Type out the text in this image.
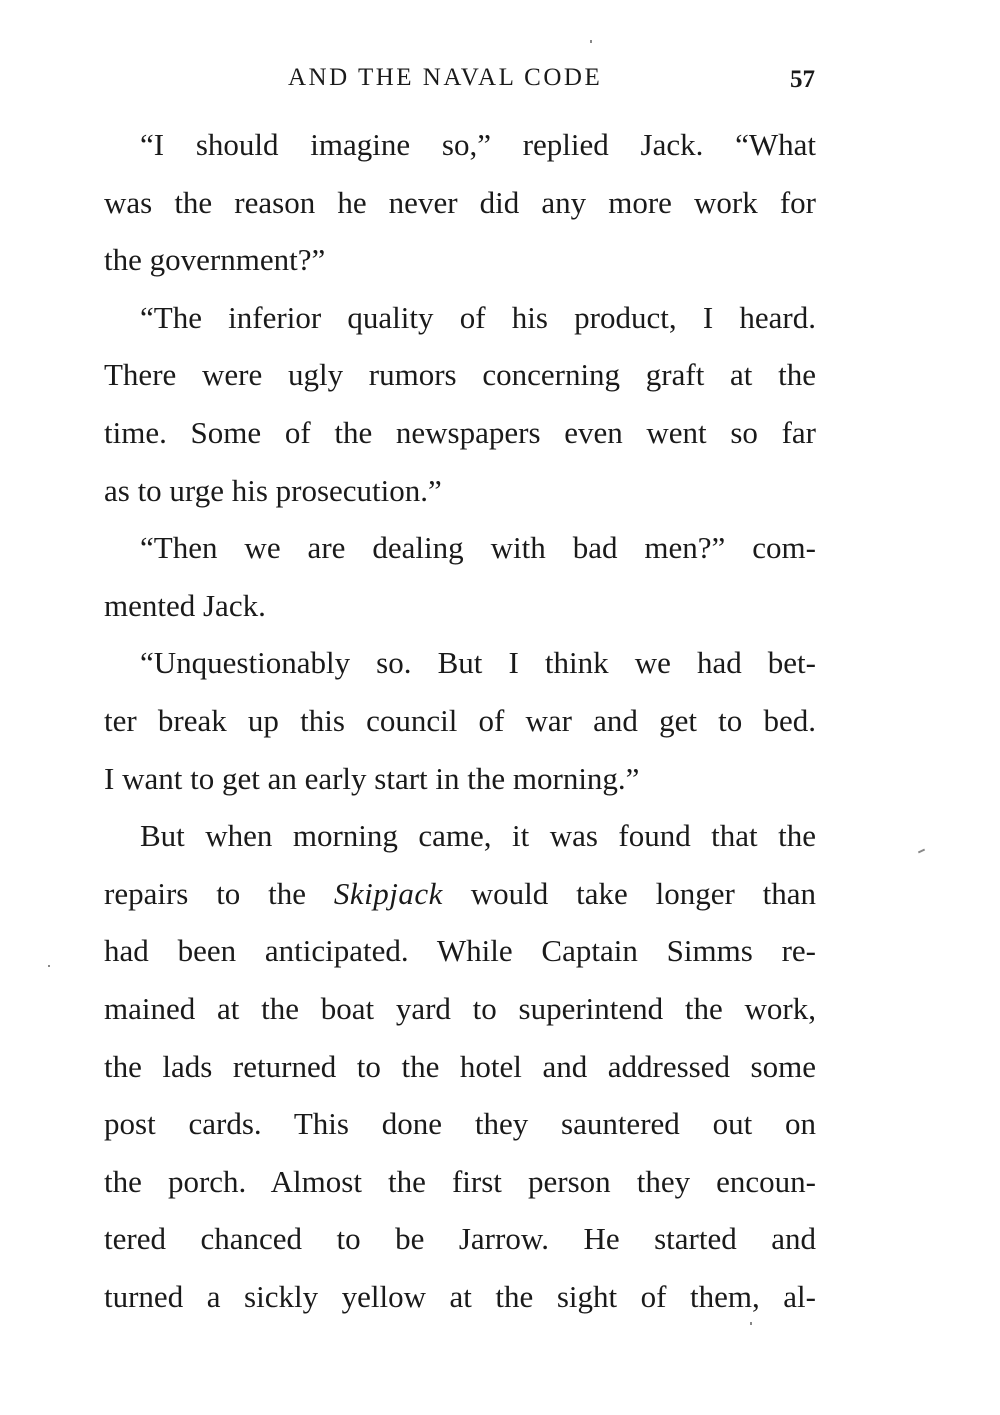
AND THE NAVAL CODE	57
“I should imagine so,” replied Jack. “What
was the reason he never did any more work for
the government?”
“The inferior quality of his product, I heard.
There were ugly rumors concerning graft at the
time. Some of the newspapers even went so far
as to urge his prosecution.”
“Then we are dealing with bad men?” com-
mented Jack.
“Unquestionably so. But I think we had bet-
ter break up this council of war and get to bed.
I want to get an early start in the morning.”
But when morning came, it was found that the
repairs to the Skipjack would take longer than
had been anticipated. While Captain Simms re-
mained at the boat yard to superintend the work,
the lads returned to the hotel and addressed some
post cards. This done they sauntered out on
the porch. Almost the first person they encoun-
tered chanced to be Jarrow. He started and
turned a sickly yellow at the sight of them, al-
